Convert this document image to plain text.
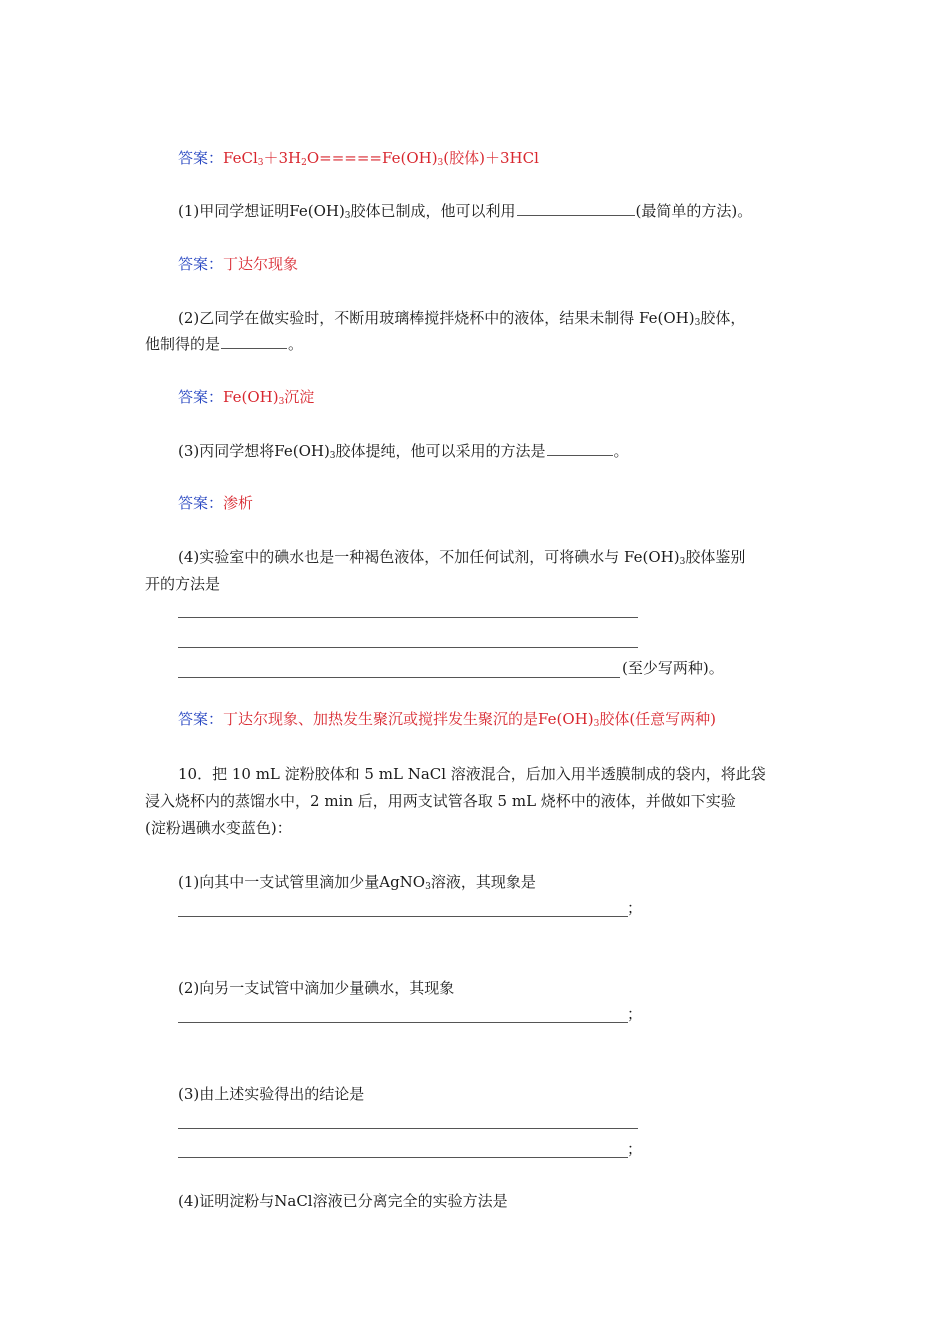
答案：$FeCl_3+3H_2O=====Fe(OH)_3$(胶体)＋3HCl
(1)甲同学想证明$Fe(OH)_3$胶体已制成，他可以利用	(最简单的方法)。
答案：丁达尔现象
(2)乙同学在做实验时，不断用玻璃棒搅拌烧杯中的液体，结果未制得 $Fe(OH)_3$胶体，
他制得的是	。
答案：$Fe(OH)_3$沉淀
(3)丙同学想将$Fe(OH)_3$胶体提纯，他可以采用的方法是	。
答案：渗析
(4)实验室中的碘水也是一种褐色液体，不加任何试剂，可将碘水与 $Fe(OH)_3$胶体鉴别
开的方法是
(至少写两种)。
答案：丁达尔现象、加热发生聚沉或搅拌发生聚沉的是$Fe(OH)_3$胶体(任意写两种)
10．把 10 mL 淀粉胶体和 5 mL NaCl 溶液混合，后加入用半透膜制成的袋内，将此袋
浸入烧杯内的蒸馏水中，2 min 后，用两支试管各取 5 mL 烧杯中的液体，并做如下实验
(淀粉遇碘水变蓝色)：
(1)向其中一支试管里滴加少量AgNO$_3$溶液，其现象是
；
(2)向另一支试管中滴加少量碘水，其现象
；
(3)由上述实验得出的结论是
；
(4)证明淀粉与NaCl溶液已分离完全的实验方法是
